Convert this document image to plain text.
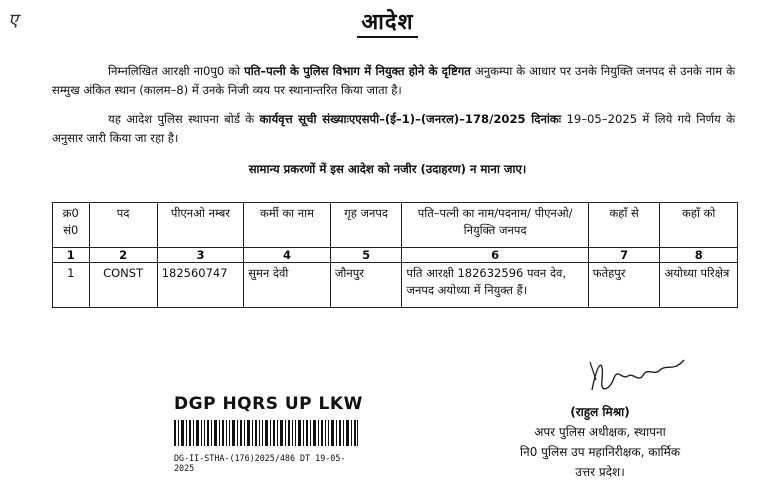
ए	आदेश
निम्नलिखित आरक्षी ना0पु0 को पति–पत्नी के पुलिस विभाग में नियुक्त होने के दृष्टिगत अनुकम्पा के आधार पर उनके नियुक्ति जनपद से उनके नाम के सम्मुख अंकित स्थान (कालम–8) में उनके निजी व्यय पर स्थानान्तरित किया जाता है।
यह आदेश पुलिस स्थापना बोर्ड के कार्यवृत्त सूची संख्याःएएसपी–(ई–1)–(जनरल)–178/2025 दिनांकः 19–05–2025 में लिये गये निर्णय के अनुसार जारी किया जा रहा है।
सामान्य प्रकरणों में इस आदेश को नजीर (उदाहरण) न माना जाए।
क्र0 सं0	पद	पीएनओ नम्बर	कर्मी का नाम	गृह जनपद	पति–पत्नी का नाम/पदनाम/ पीएनओ/नियुक्ति जनपद	कहाँ से	कहाँ को
1	2	3	4	5	6	7	8
1	CONST	182560747	सुमन देवी	जौनपुर	पति आरक्षी 182632596 पवन देव, जनपद अयोध्या में नियुक्त हैं।	फतेहपुर	अयोध्या परिक्षेत्र
DGP HQRS UP LKW
DG-II-STHA-(176)2025/486 DT 19-05-2025
(राहुल मिश्रा)
अपर पुलिस अधीक्षक, स्थापना
नि0 पुलिस उप महानिरीक्षक, कार्मिक
उत्तर प्रदेश।
